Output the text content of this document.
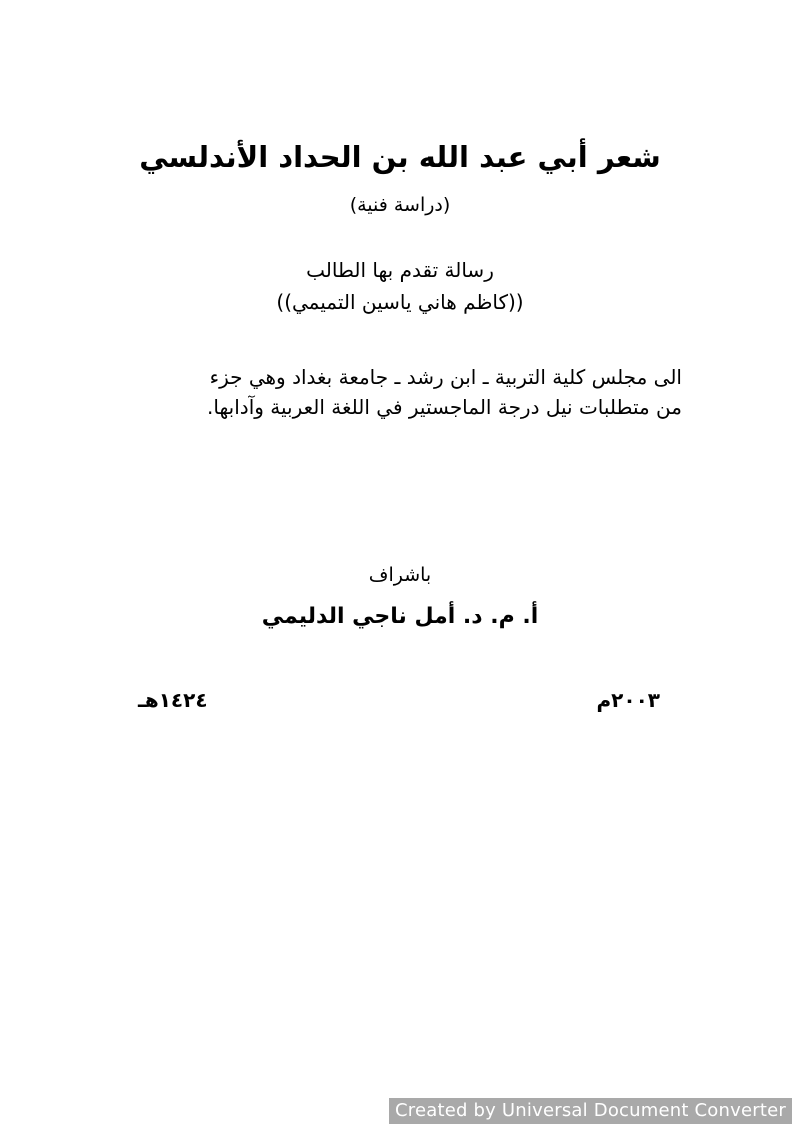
شعر أبي عبد الله بن الحداد الأندلسي
(دراسة فنية)
رسالة تقدم بها الطالب
((كاظم هاني ياسين التميمي))
الى مجلس كلية التربية ـ ابن رشد ـ جامعة بغداد وهي جزء
من متطلبات نيل درجة الماجستير في اللغة العربية وآدابها.
باشراف
أ. م. د. أمل ناجي الدليمي
٢٠٠٣م
١٤٢٤هـ
Created by Universal Document Converter
